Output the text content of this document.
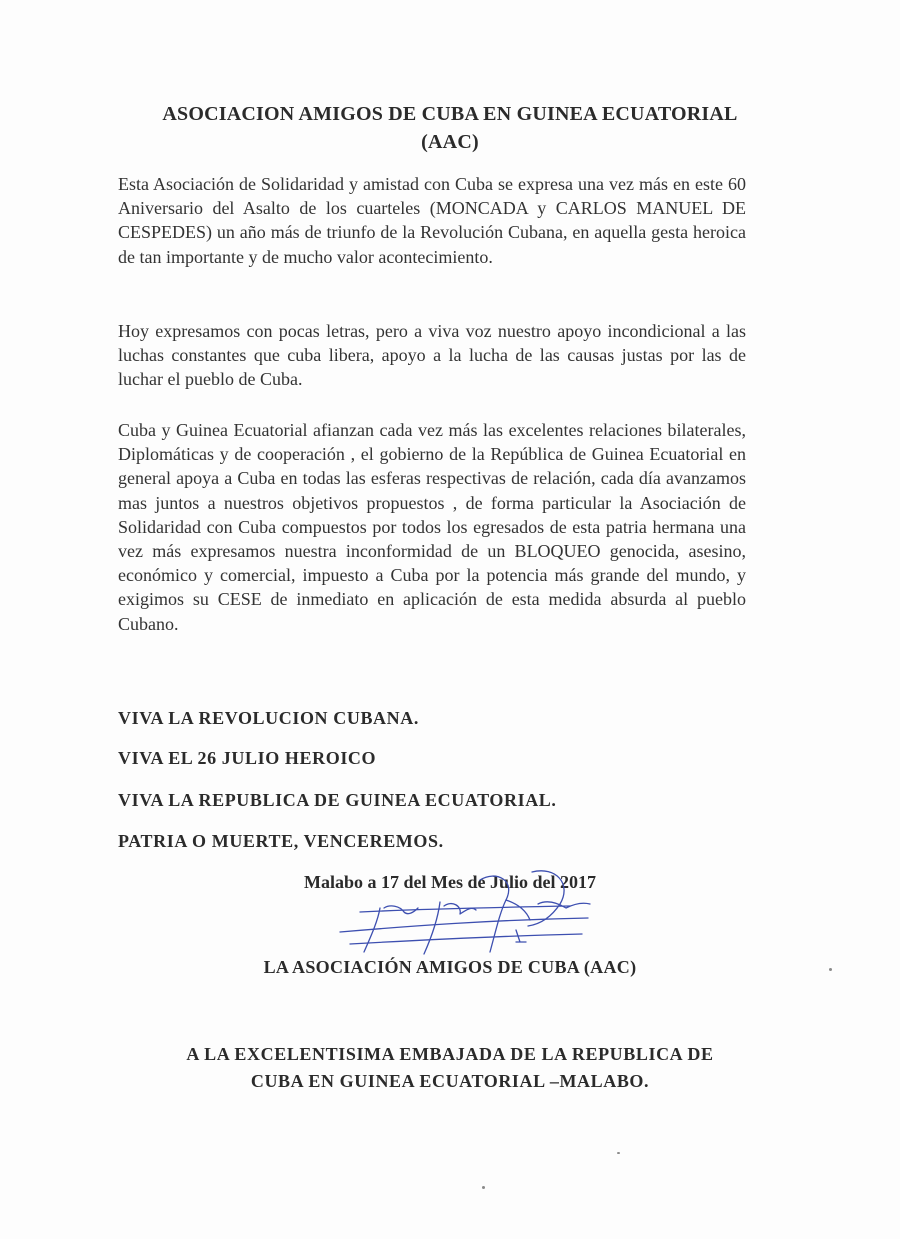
ASOCIACION AMIGOS DE CUBA EN GUINEA ECUATORIAL
(AAC)
Esta Asociación de Solidaridad y amistad con Cuba se expresa una vez más en este 60 Aniversario del Asalto de los cuarteles (MONCADA y CARLOS MANUEL DE CESPEDES) un año más de triunfo de la Revolución Cubana, en aquella gesta heroica de tan importante y de mucho valor acontecimiento.
Hoy expresamos con pocas letras, pero a viva voz nuestro apoyo incondicional a las luchas constantes que cuba libera, apoyo a la lucha de las causas justas por las de luchar el pueblo de Cuba.
Cuba y Guinea Ecuatorial afianzan cada vez más las excelentes relaciones bilaterales, Diplomáticas y de cooperación , el gobierno de la República de Guinea Ecuatorial en general apoya a Cuba en todas las esferas respectivas de relación, cada día avanzamos mas juntos a nuestros objetivos propuestos , de forma particular la Asociación de Solidaridad con Cuba compuestos por todos los egresados de esta patria hermana una vez más expresamos nuestra inconformidad de un BLOQUEO genocida, asesino, económico y comercial, impuesto a Cuba por la potencia más grande del mundo, y exigimos su CESE de inmediato en aplicación de esta medida absurda al pueblo Cubano.
VIVA LA REVOLUCION CUBANA.
VIVA EL 26 JULIO HEROICO
VIVA LA REPUBLICA DE GUINEA ECUATORIAL.
PATRIA O MUERTE, VENCEREMOS.
Malabo a 17 del Mes de Julio del 2017
LA ASOCIACIÓN AMIGOS DE CUBA (AAC)
A LA EXCELENTISIMA EMBAJADA DE LA REPUBLICA DE
CUBA EN GUINEA ECUATORIAL –MALABO.
